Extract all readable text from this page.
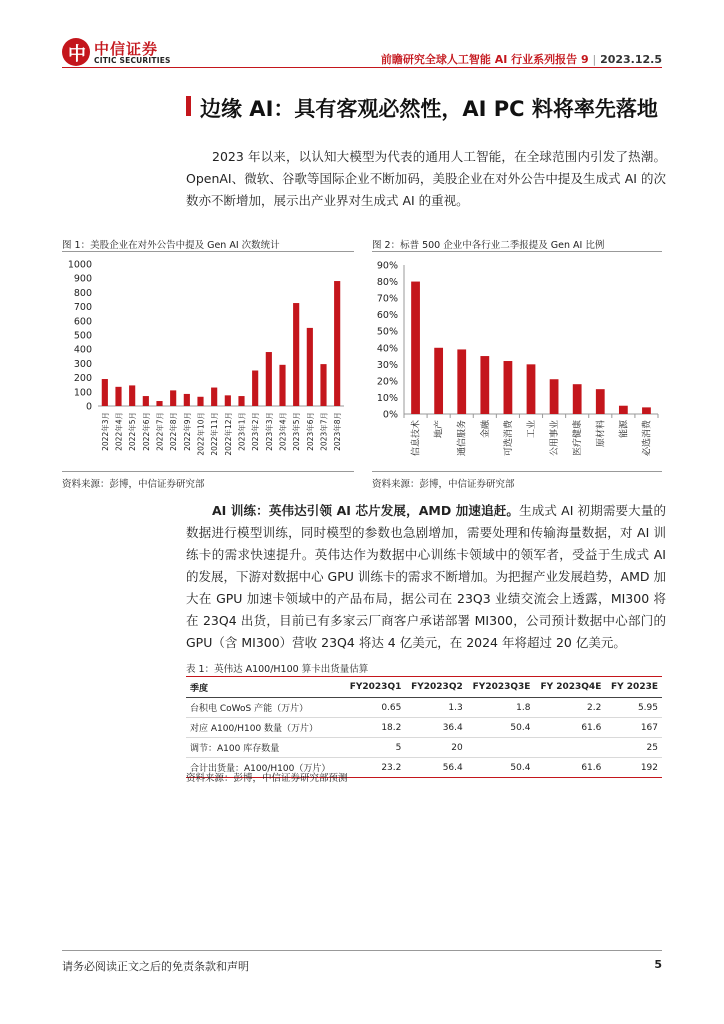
中 中信证券
CITIC SECURITIES	前瞻研究全球人工智能 AI 行业系列报告 9 | 2023.12.5
边缘 AI：具有客观必然性，AI PC 料将率先落地
2023 年以来，以认知大模型为代表的通用人工智能，在全球范围内引发了热潮。OpenAI、微软、谷歌等国际企业不断加码，美股企业在对外公告中提及生成式 AI 的次数亦不断增加，展示出产业界对生成式 AI 的重视。
图 1：美股企业在对外公告中提及 Gen AI 次数统计
0
100
200
300
400
500
600
700
800
900
1000
2022年3月 2022年4月 2022年5月 2022年6月 2022年7月 2022年8月 2022年9月 2022年10月 2022年11月 2022年12月 2023年1月 2023年2月 2023年3月 2023年4月 2023年5月 2023年6月 2023年7月 2023年8月
资料来源：彭博，中信证券研究部
图 2：标普 500 企业中各行业二季报提及 Gen AI 比例
0%
10%
20%
30%
40%
50%
60%
70%
80%
90%
信息技术 地产 通信服务 金融 可选消费 工业 公用事业 医疗健康 原材料 能源 必选消费
资料来源：彭博，中信证券研究部
AI 训练：英伟达引领 AI 芯片发展，AMD 加速追赶。生成式 AI 初期需要大量的数据进行模型训练，同时模型的参数也急剧增加，需要处理和传输海量数据，对 AI 训练卡的需求快速提升。英伟达作为数据中心训练卡领域中的领军者，受益于生成式 AI 的发展，下游对数据中心 GPU 训练卡的需求不断增加。为把握产业发展趋势，AMD 加大在 GPU 加速卡领域中的产品布局，据公司在 23Q3 业绩交流会上透露，MI300 将在 23Q4 出货，目前已有多家云厂商客户承诺部署 MI300，公司预计数据中心部门的 GPU（含 MI300）营收 23Q4 将达 4 亿美元，在 2024 年将超过 20 亿美元。
表 1：英伟达 A100/H100 算卡出货量估算
季度	FY2023Q1	FY2023Q2	FY2023Q3E	FY 2023Q4E	FY 2023E
台积电 CoWoS 产能（万片）	0.65	1.3	1.8	2.2	5.95
对应 A100/H100 数量（万片）	18.2	36.4	50.4	61.6	167
调节：A100 库存数量	5	20			25
合计出货量：A100/H100（万片）	23.2	56.4	50.4	61.6	192
资料来源：彭博，中信证券研究部预测
请务必阅读正文之后的免责条款和声明	5
